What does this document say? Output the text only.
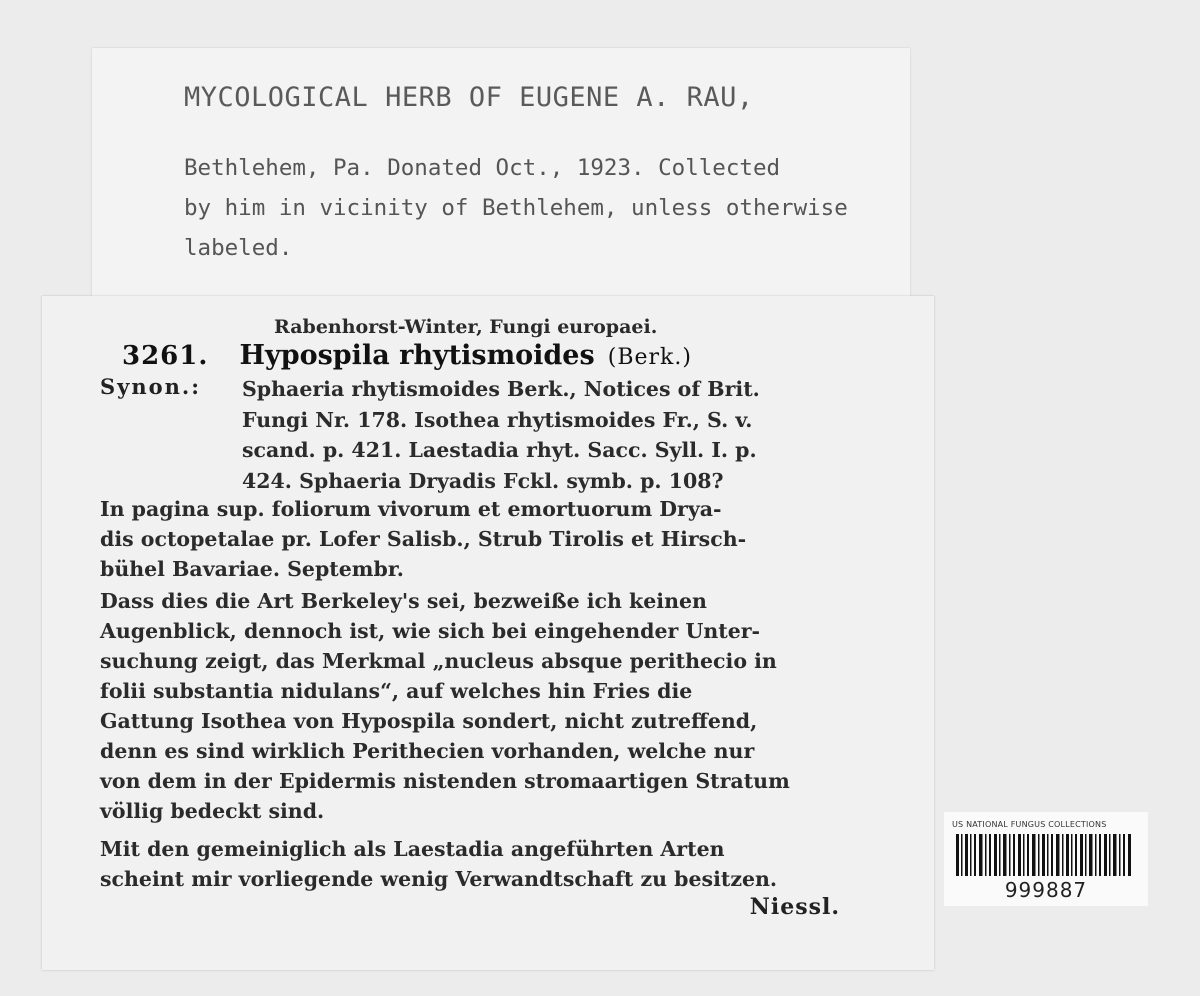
MYCOLOGICAL HERB OF EUGENE A. RAU,
Bethlehem, Pa. Donated Oct., 1923. Collected
by him in vicinity of Bethlehem, unless otherwise
labeled.
Rabenhorst-Winter, Fungi europaei.
3261. Hypospila rhytismoides (Berk.)
Synon.: Sphaeria rhytismoides Berk., Notices of Brit.
Fungi Nr. 178. Isothea rhytismoides Fr., S. v.
scand. p. 421. Laestadia rhyt. Sacc. Syll. I. p.
424. Sphaeria Dryadis Fckl. symb. p. 108?
In pagina sup. foliorum vivorum et emortuorum Drya-
dis octopetalae pr. Lofer Salisb., Strub Tirolis et Hirsch-
bühel Bavariae. Septembr.
Dass dies die Art Berkeley's sei, bezweiße ich keinen
Augenblick, dennoch ist, wie sich bei eingehender Unter-
suchung zeigt, das Merkmal „nucleus absque perithecio in
folii substantia nidulans“, auf welches hin Fries die
Gattung Isothea von Hypospila sondert, nicht zutreffend,
denn es sind wirklich Perithecien vorhanden, welche nur
von dem in der Epidermis nistenden stromaartigen Stratum
völlig bedeckt sind.
Mit den gemeiniglich als Laestadia angeführten Arten
scheint mir vorliegende wenig Verwandtschaft zu besitzen.
Niessl.
US NATIONAL FUNGUS COLLECTIONS
999887
